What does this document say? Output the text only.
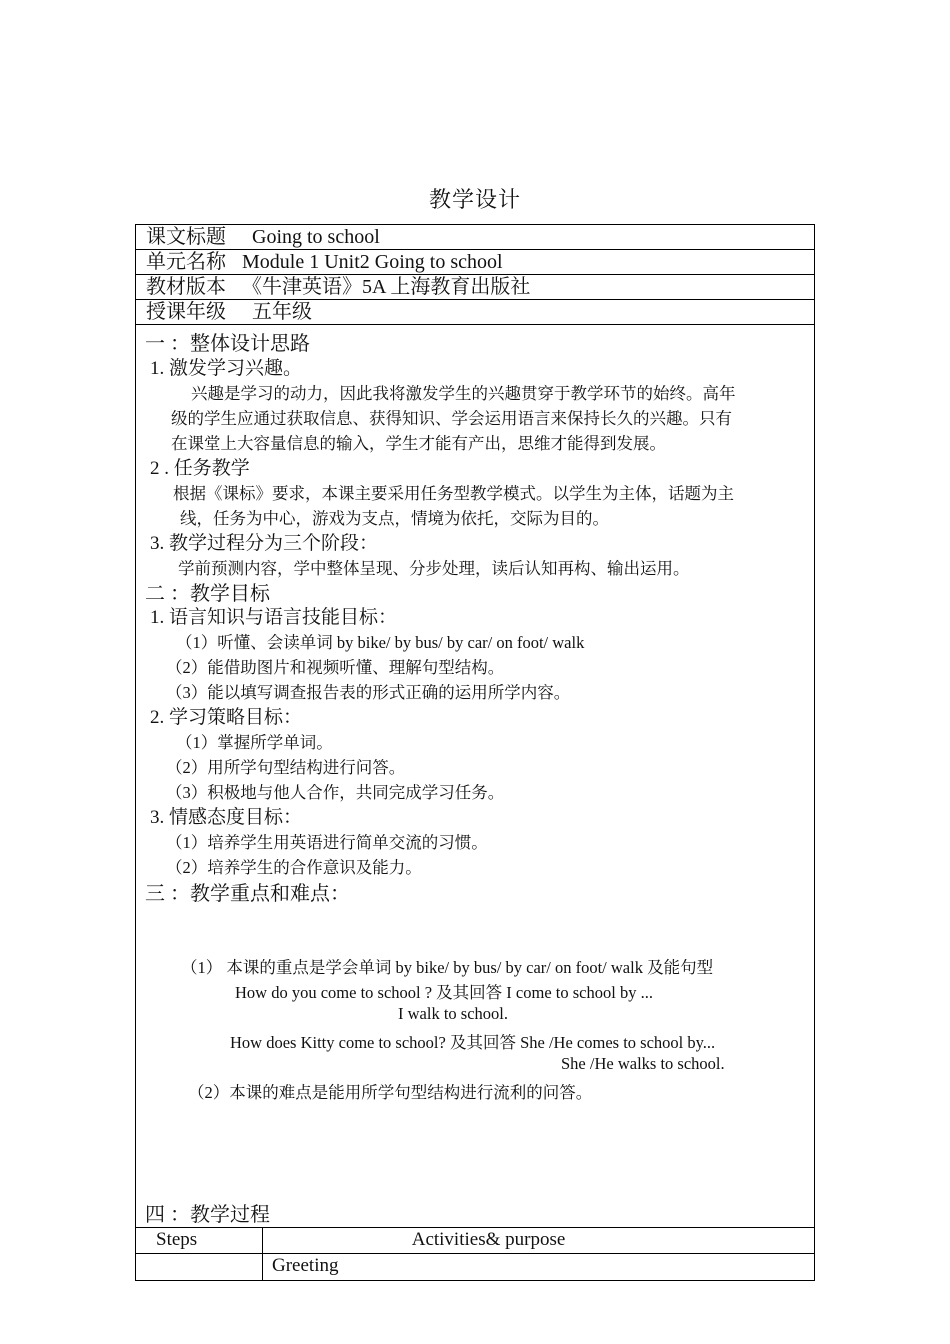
教学设计
课文标题 Going to school
单元名称 Module 1 Unit2 Going to school
教材版本 《牛津英语》5A 上海教育出版社
授课年级 五年级
一 ：整体设计思路
1. 激发学习兴趣。
兴趣是学习的动力，因此我将激发学生的兴趣贯穿于教学环节的始终。高年
级的学生应通过获取信息、获得知识、学会运用语言来保持长久的兴趣。只有
在课堂上大容量信息的输入，学生才能有产出，思维才能得到发展。
2 . 任务教学
根据《课标》要求，本课主要采用任务型教学模式。以学生为主体，话题为主
线，任务为中心，游戏为支点，情境为依托，交际为目的。
3. 教学过程分为三个阶段：
学前预测内容，学中整体呈现、分步处理，读后认知再构、输出运用。
二 ：教学目标
1. 语言知识与语言技能目标：
（1）听懂、会读单词 by bike/ by bus/ by car/ on foot/ walk
（2）能借助图片和视频听懂、理解句型结构。
（3）能以填写调查报告表的形式正确的运用所学内容。
2. 学习策略目标：
（1）掌握所学单词。
（2）用所学句型结构进行问答。
（3）积极地与他人合作，共同完成学习任务。
3. 情感态度目标：
（1）培养学生用英语进行简单交流的习惯。
（2）培养学生的合作意识及能力。
三 ：教学重点和难点：
（1） 本课的重点是学会单词 by bike/ by bus/ by car/ on foot/ walk 及能句型
How do you come to school ? 及其回答 I come to school by ...
I walk to school.
How does Kitty come to school? 及其回答 She /He comes to school by...
She /He walks to school.
（2）本课的难点是能用所学句型结构进行流利的问答。
四 ：教学过程
Steps	Activities& purpose
Greeting
